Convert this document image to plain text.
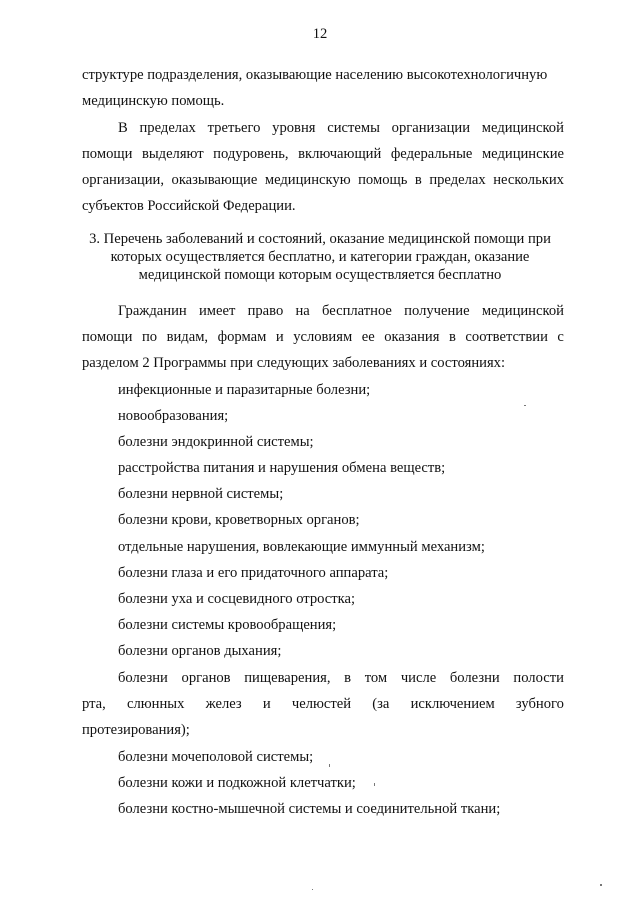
12
структуре подразделения, оказывающие населению высокотехнологичную
медицинскую помощь.
В пределах третьего уровня системы организации медицинской
помощи выделяют подуровень, включающий федеральные медицинские
организации, оказывающие медицинскую помощь в пределах нескольких
субъектов Российской Федерации.
3. Перечень заболеваний и состояний, оказание медицинской помощи при
которых осуществляется бесплатно, и категории граждан, оказание
медицинской помощи которым осуществляется бесплатно
Гражданин имеет право на бесплатное получение медицинской
помощи по видам, формам и условиям ее оказания в соответствии с
разделом 2 Программы при следующих заболеваниях и состояниях:
инфекционные и паразитарные болезни;
новообразования;
болезни эндокринной системы;
расстройства питания и нарушения обмена веществ;
болезни нервной системы;
болезни крови, кроветворных органов;
отдельные нарушения, вовлекающие иммунный механизм;
болезни глаза и его придаточного аппарата;
болезни уха и сосцевидного отростка;
болезни системы кровообращения;
болезни органов дыхания;
болезни органов пищеварения, в том числе болезни полости
рта, слюнных желез и челюстей (за исключением зубного
протезирования);
болезни мочеполовой системы;
болезни кожи и подкожной клетчатки;
болезни костно-мышечной системы и соединительной ткани;
